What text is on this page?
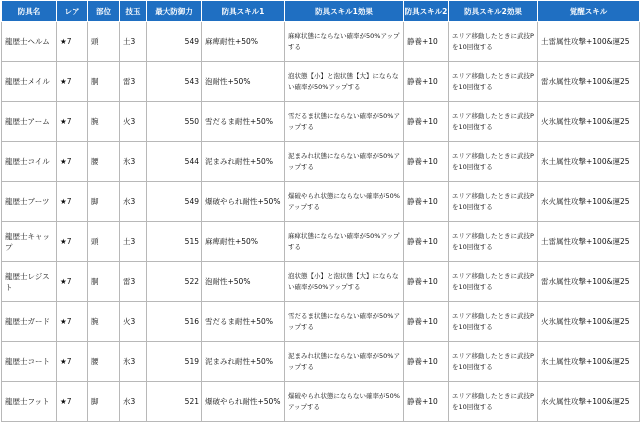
防具名	レア	部位	技玉	最大防御力	防具スキル1	防具スキル1効果	防具スキル2	防具スキル2効果	覚醒スキル
龍歴士ヘルム	★7	頭	土3	549	麻痺耐性+50%	麻痺状態にならない確率が50%アップする	静養+10	エリア移動したときに武技P を10回復する	土雷属性攻撃+100&運25
龍歴士メイル	★7	胴	雷3	543	泡耐性+50%	泡状態【小】と泡状態【大】にならない確率が50%アップする	静養+10	エリア移動したときに武技P を10回復する	雷水属性攻撃+100&運25
龍歴士アーム	★7	腕	火3	550	雪だるま耐性+50%	雪だるま状態にならない確率が50%アップする	静養+10	エリア移動したときに武技P を10回復する	火氷属性攻撃+100&運25
龍歴士コイル	★7	腰	氷3	544	泥まみれ耐性+50%	泥まみれ状態にならない確率が50%アップする	静養+10	エリア移動したときに武技P を10回復する	氷土属性攻撃+100&運25
龍歴士ブーツ	★7	脚	水3	549	爆破やられ耐性+50%	爆破やられ状態にならない確率が50%アップする	静養+10	エリア移動したときに武技P を10回復する	水火属性攻撃+100&運25
龍歴士キャップ	★7	頭	土3	515	麻痺耐性+50%	麻痺状態にならない確率が50%アップする	静養+10	エリア移動したときに武技P を10回復する	土雷属性攻撃+100&運25
龍歴士レジスト	★7	胴	雷3	522	泡耐性+50%	泡状態【小】と泡状態【大】にならない確率が50%アップする	静養+10	エリア移動したときに武技P を10回復する	雷水属性攻撃+100&運25
龍歴士ガード	★7	腕	火3	516	雪だるま耐性+50%	雪だるま状態にならない確率が50%アップする	静養+10	エリア移動したときに武技P を10回復する	火氷属性攻撃+100&運25
龍歴士コート	★7	腰	氷3	519	泥まみれ耐性+50%	泥まみれ状態にならない確率が50%アップする	静養+10	エリア移動したときに武技P を10回復する	氷土属性攻撃+100&運25
龍歴士フット	★7	脚	水3	521	爆破やられ耐性+50%	爆破やられ状態にならない確率が50%アップする	静養+10	エリア移動したときに武技P を10回復する	水火属性攻撃+100&運25
